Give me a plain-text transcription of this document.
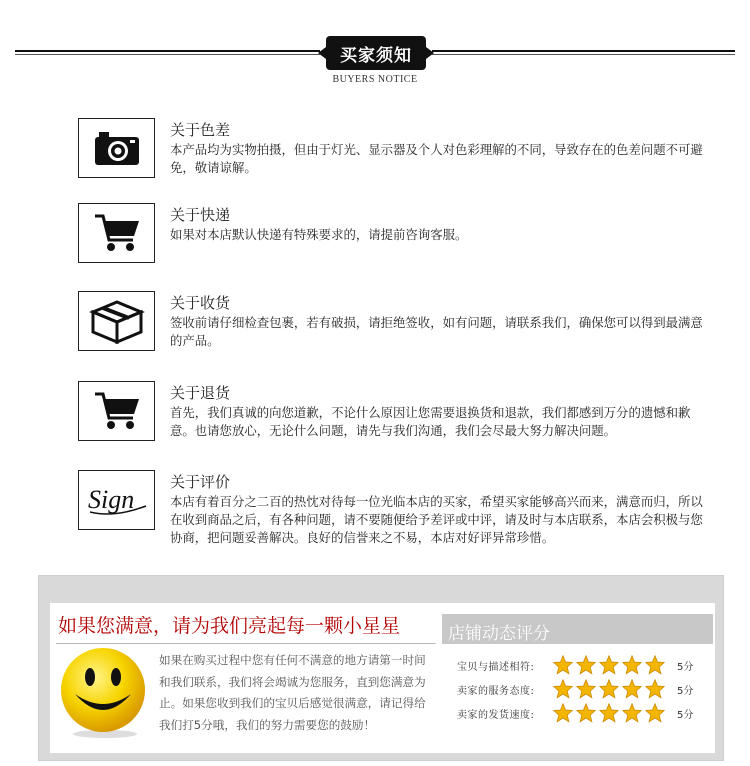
买家须知
BUYERS NOTICE
关于色差
本产品均为实物拍摄，但由于灯光、显示器及个人对色彩理解的不同，导致存在的色差问题不可避免，敬请谅解。
关于快递
如果对本店默认快递有特殊要求的，请提前咨询客服。
关于收货
签收前请仔细检查包裹，若有破损，请拒绝签收，如有问题，请联系我们，确保您可以得到最满意的产品。
关于退货
首先，我们真诚的向您道歉，不论什么原因让您需要退换货和退款，我们都感到万分的遗憾和歉意。也请您放心，无论什么问题，请先与我们沟通，我们会尽最大努力解决问题。
Sign
关于评价
本店有着百分之二百的热忱对待每一位光临本店的买家，希望买家能够高兴而来，满意而归，所以在收到商品之后，有各种问题，请不要随便给予差评或中评，请及时与本店联系，本店会积极与您协商，把问题妥善解决。良好的信誉来之不易，本店对好评异常珍惜。
如果您满意，请为我们亮起每一颗小星星	店铺动态评分
如果在购买过程中您有任何不满意的地方请第一时间和我们联系，我们将会竭诚为您服务，直到您满意为止。如果您收到我们的宝贝后感觉很满意，请记得给我们打5分哦，我们的努力需要您的鼓励！
宝贝与描述相符:	5分
卖家的服务态度:	5分
卖家的发货速度:	5分
